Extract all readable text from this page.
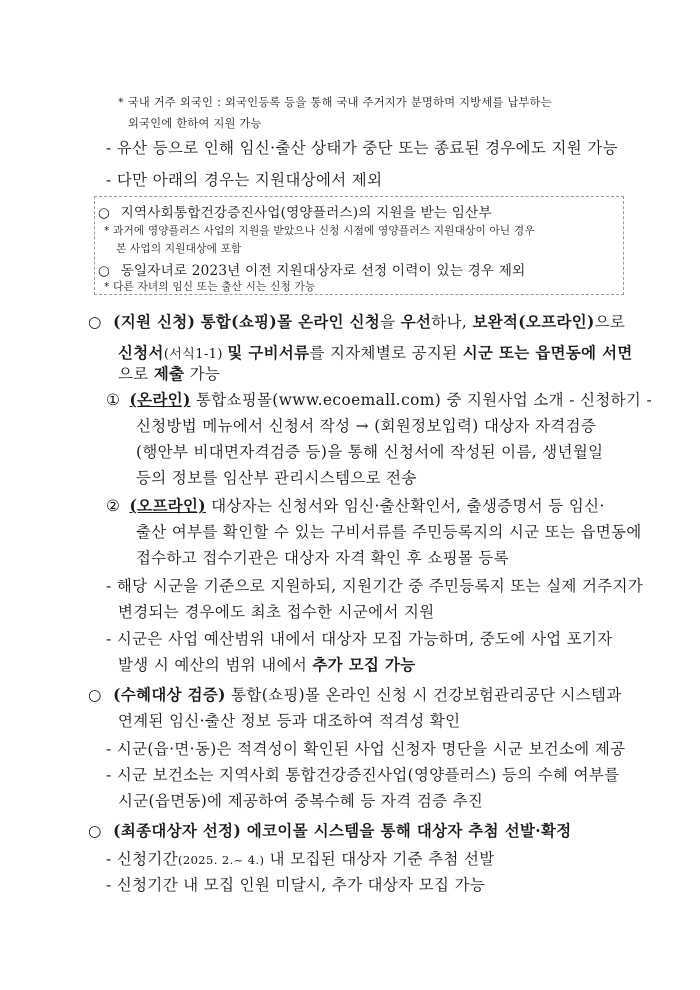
* 국내 거주 외국인 : 외국인등록 등을 통해 국내 주거지가 분명하며 지방세를 납부하는
외국인에 한하여 지원 가능
- 유산 등으로 인해 임신·출산 상태가 중단 또는 종료된 경우에도 지원 가능
- 다만 아래의 경우는 지원대상에서 제외
○ 지역사회통합건강증진사업(영양플러스)의 지원을 받는 임산부
* 과거에 영양플러스 사업의 지원을 받았으나 신청 시점에 영양플러스 지원대상이 아닌 경우
본 사업의 지원대상에 포함
○ 동일자녀로 2023년 이전 지원대상자로 선정 이력이 있는 경우 제외
* 다른 자녀의 임신 또는 출산 시는 신청 가능
○ (지원 신청) 통합(쇼핑)몰 온라인 신청을 우선하나, 보완적(오프라인)으로
신청서(서식1-1) 및 구비서류를 지자체별로 공지된 시군 또는 읍면동에 서면
으로 제출 가능
① (온라인) 통합쇼핑몰(www.ecoemall.com) 중 지원사업 소개 - 신청하기 -
신청방법 메뉴에서 신청서 작성 → (회원정보입력) 대상자 자격검증
(행안부 비대면자격검증 등)을 통해 신청서에 작성된 이름, 생년월일
등의 정보를 임산부 관리시스템으로 전송
② (오프라인) 대상자는 신청서와 임신·출산확인서, 출생증명서 등 임신·
출산 여부를 확인할 수 있는 구비서류를 주민등록지의 시군 또는 읍면동에
접수하고 접수기관은 대상자 자격 확인 후 쇼핑몰 등록
- 해당 시군을 기준으로 지원하되, 지원기간 중 주민등록지 또는 실제 거주지가
변경되는 경우에도 최초 접수한 시군에서 지원
- 시군은 사업 예산범위 내에서 대상자 모집 가능하며, 중도에 사업 포기자
발생 시 예산의 범위 내에서 추가 모집 가능
○ (수혜대상 검증) 통합(쇼핑)몰 온라인 신청 시 건강보험관리공단 시스템과
연계된 임신·출산 정보 등과 대조하여 적격성 확인
- 시군(읍·면·동)은 적격성이 확인된 사업 신청자 명단을 시군 보건소에 제공
- 시군 보건소는 지역사회 통합건강증진사업(영양플러스) 등의 수혜 여부를
시군(읍면동)에 제공하여 중복수혜 등 자격 검증 추진
○ (최종대상자 선정) 에코이몰 시스템을 통해 대상자 추첨 선발·확정
- 신청기간(2025. 2.~ 4.) 내 모집된 대상자 기준 추첨 선발
- 신청기간 내 모집 인원 미달시, 추가 대상자 모집 가능
